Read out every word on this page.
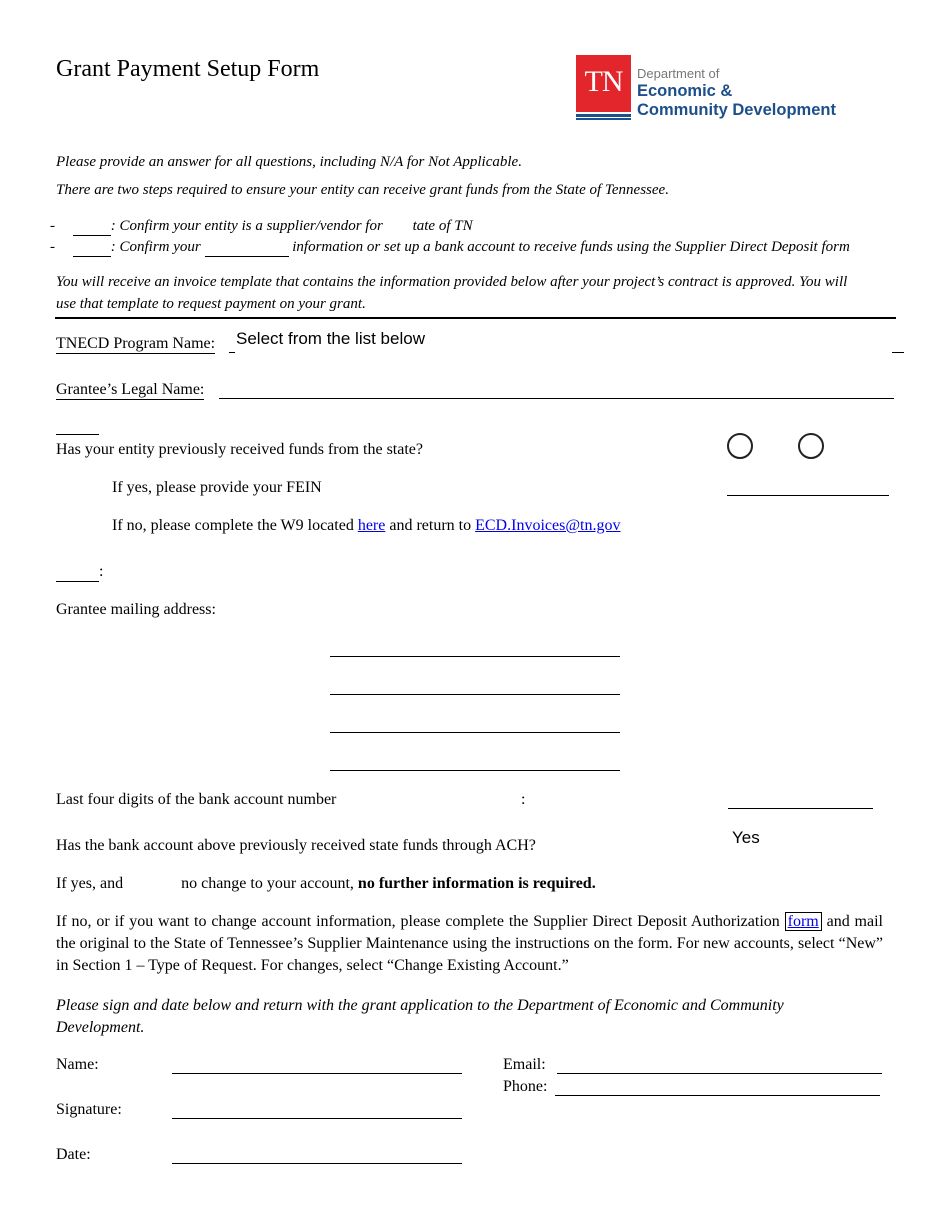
Grant Payment Setup Form	TN	Department of
Economic &
Community Development
Please provide an answer for all questions, including N/A for Not Applicable.
There are two steps required to ensure your entity can receive grant funds from the State of Tennessee.
-	: Confirm your entity is a supplier/vendor for tate of TN
-	: Confirm your	information or set up a bank account to receive funds using the Supplier Direct Deposit form
You will receive an invoice template that contains the information provided below after your project’s contract is approved. You will
use that template to request payment on your grant.
TNECD Program Name: Select from the list below
Grantee’s Legal Name:
Has your entity previously received funds from the state?
If yes, please provide your FEIN
If no, please complete the W9 located here and return to ECD.Invoices@tn.gov
:
Grantee mailing address:
Last four digits of the bank account number	:
Has the bank account above previously received state funds through ACH?	Yes
If yes, and	no change to your account, no further information is required.
If no, or if you want to change account information, please complete the Supplier Direct Deposit Authorization form and mail the original to the State of Tennessee’s Supplier Maintenance using the instructions on the form. For new accounts, select “New” in Section 1 – Type of Request. For changes, select “Change Existing Account.”
Please sign and date below and return with the grant application to the Department of Economic and Community Development.
Name:
Signature:
Date:
Email:
Phone:
